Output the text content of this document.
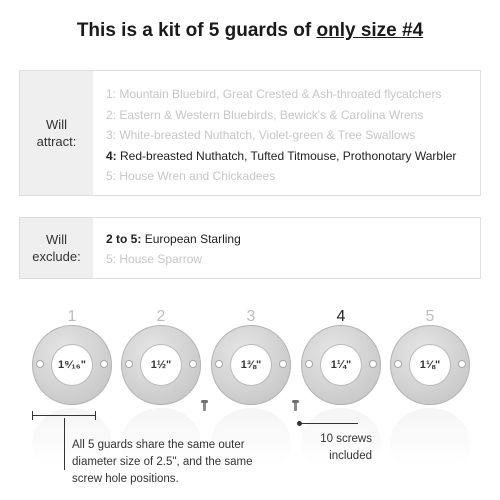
This is a kit of 5 guards of only size #4
Will attract:
1: Mountain Bluebird, Great Crested & Ash-throated flycatchers
2: Eastern & Western Bluebirds, Bewick's & Carolina Wrens
3: White-breasted Nuthatch, Violet-green & Tree Swallows
4: Red-breasted Nuthatch, Tufted Titmouse, Prothonotary Warbler
5: House Wren and Chickadees
Will exclude:
2 to 5: European Starling
5: House Sparrow
1	2	3	4	5
1⁹⁄₁₆"	1½"	1⅜"	1¼"	1⅛"
All 5 guards share the same outer diameter size of 2.5", and the same screw hole positions.
10 screws included
